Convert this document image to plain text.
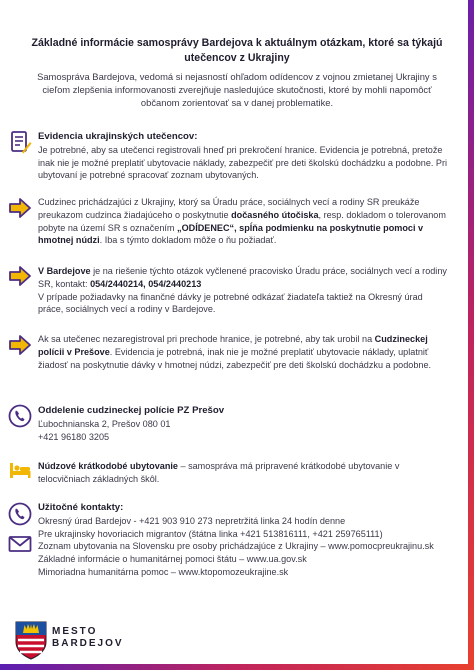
Základné informácie samosprávy Bardejova k aktuálnym otázkam, ktoré sa týkajú utečencov z Ukrajiny
Samospráva Bardejova, vedomá si nejasností ohľadom odídencov z vojnou zmietanej Ukrajiny s cieľom zlepšenia informovanosti zverejňuje nasledujúce skutočnosti, ktoré by mohli napomôcť občanom zorientovať sa v danej problematike.
Evidencia ukrajinských utečencov:
Je potrebné, aby sa utečenci registrovali hneď pri prekročení hranice. Evidencia je potrebná, pretože inak nie je možné preplatiť ubytovacie náklady, zabezpečiť pre deti školskú dochádzku a podobne. Pri ubytovaní je potrebné spracovať zoznam ubytovaných.
Cudzinec prichádzajúci z Ukrajiny, ktorý sa Úradu práce, sociálnych vecí a rodiny SR preukáže preukazom cudzinca žiadajúceho o poskytnutie dočasného útočiska, resp. dokladom o tolerovanom pobyte na území SR s označením „ODÍDENEC“, spĺňa podmienku na poskytnutie pomoci v hmotnej núdzi. Iba s týmto dokladom môže o ňu požiadať.
V Bardejove je na riešenie týchto otázok vyčlenené pracovisko Úradu práce, sociálnych vecí a rodiny SR, kontakt: 054/2440214, 054/2440213
V prípade požiadavky na finančné dávky je potrebné odkázať žiadateľa taktiež na Okresný úrad práce, sociálnych vecí a rodiny v Bardejove.
Ak sa utečenec nezaregistroval pri prechode hranice, je potrebné, aby tak urobil na Cudzineckej polícii v Prešove. Evidencia je potrebná, inak nie je možné preplatiť ubytovacie náklady, uplatniť žiadosť na poskytnutie dávky v hmotnej núdzi, zabezpečiť pre deti školskú dochádzku a podobne.
Oddelenie cudzineckej polície PZ Prešov
Ľubochnianska 2, Prešov 080 01
+421 96180 3205
Núdzové krátkodobé ubytovanie – samospráva má pripravené krátkodobé ubytovanie v telocvičniach základných škôl.
Užitočné kontakty:
Okresný úrad Bardejov - +421 903 910 273 nepretržitá linka 24 hodín denne
Pre ukrajinsky hovoriacich migrantov (štátna linka +421 513816111, +421 259765111)
Zoznam ubytovania na Slovensku pre osoby prichádzajúce z Ukrajiny – www.pomocpreukrajinu.sk
Základné informácie o humanitárnej pomoci štátu – www.ua.gov.sk
Mimoriadna humanitárna pomoc – www.ktopomozeukrajine.sk
MESTO
BARDEJOV
